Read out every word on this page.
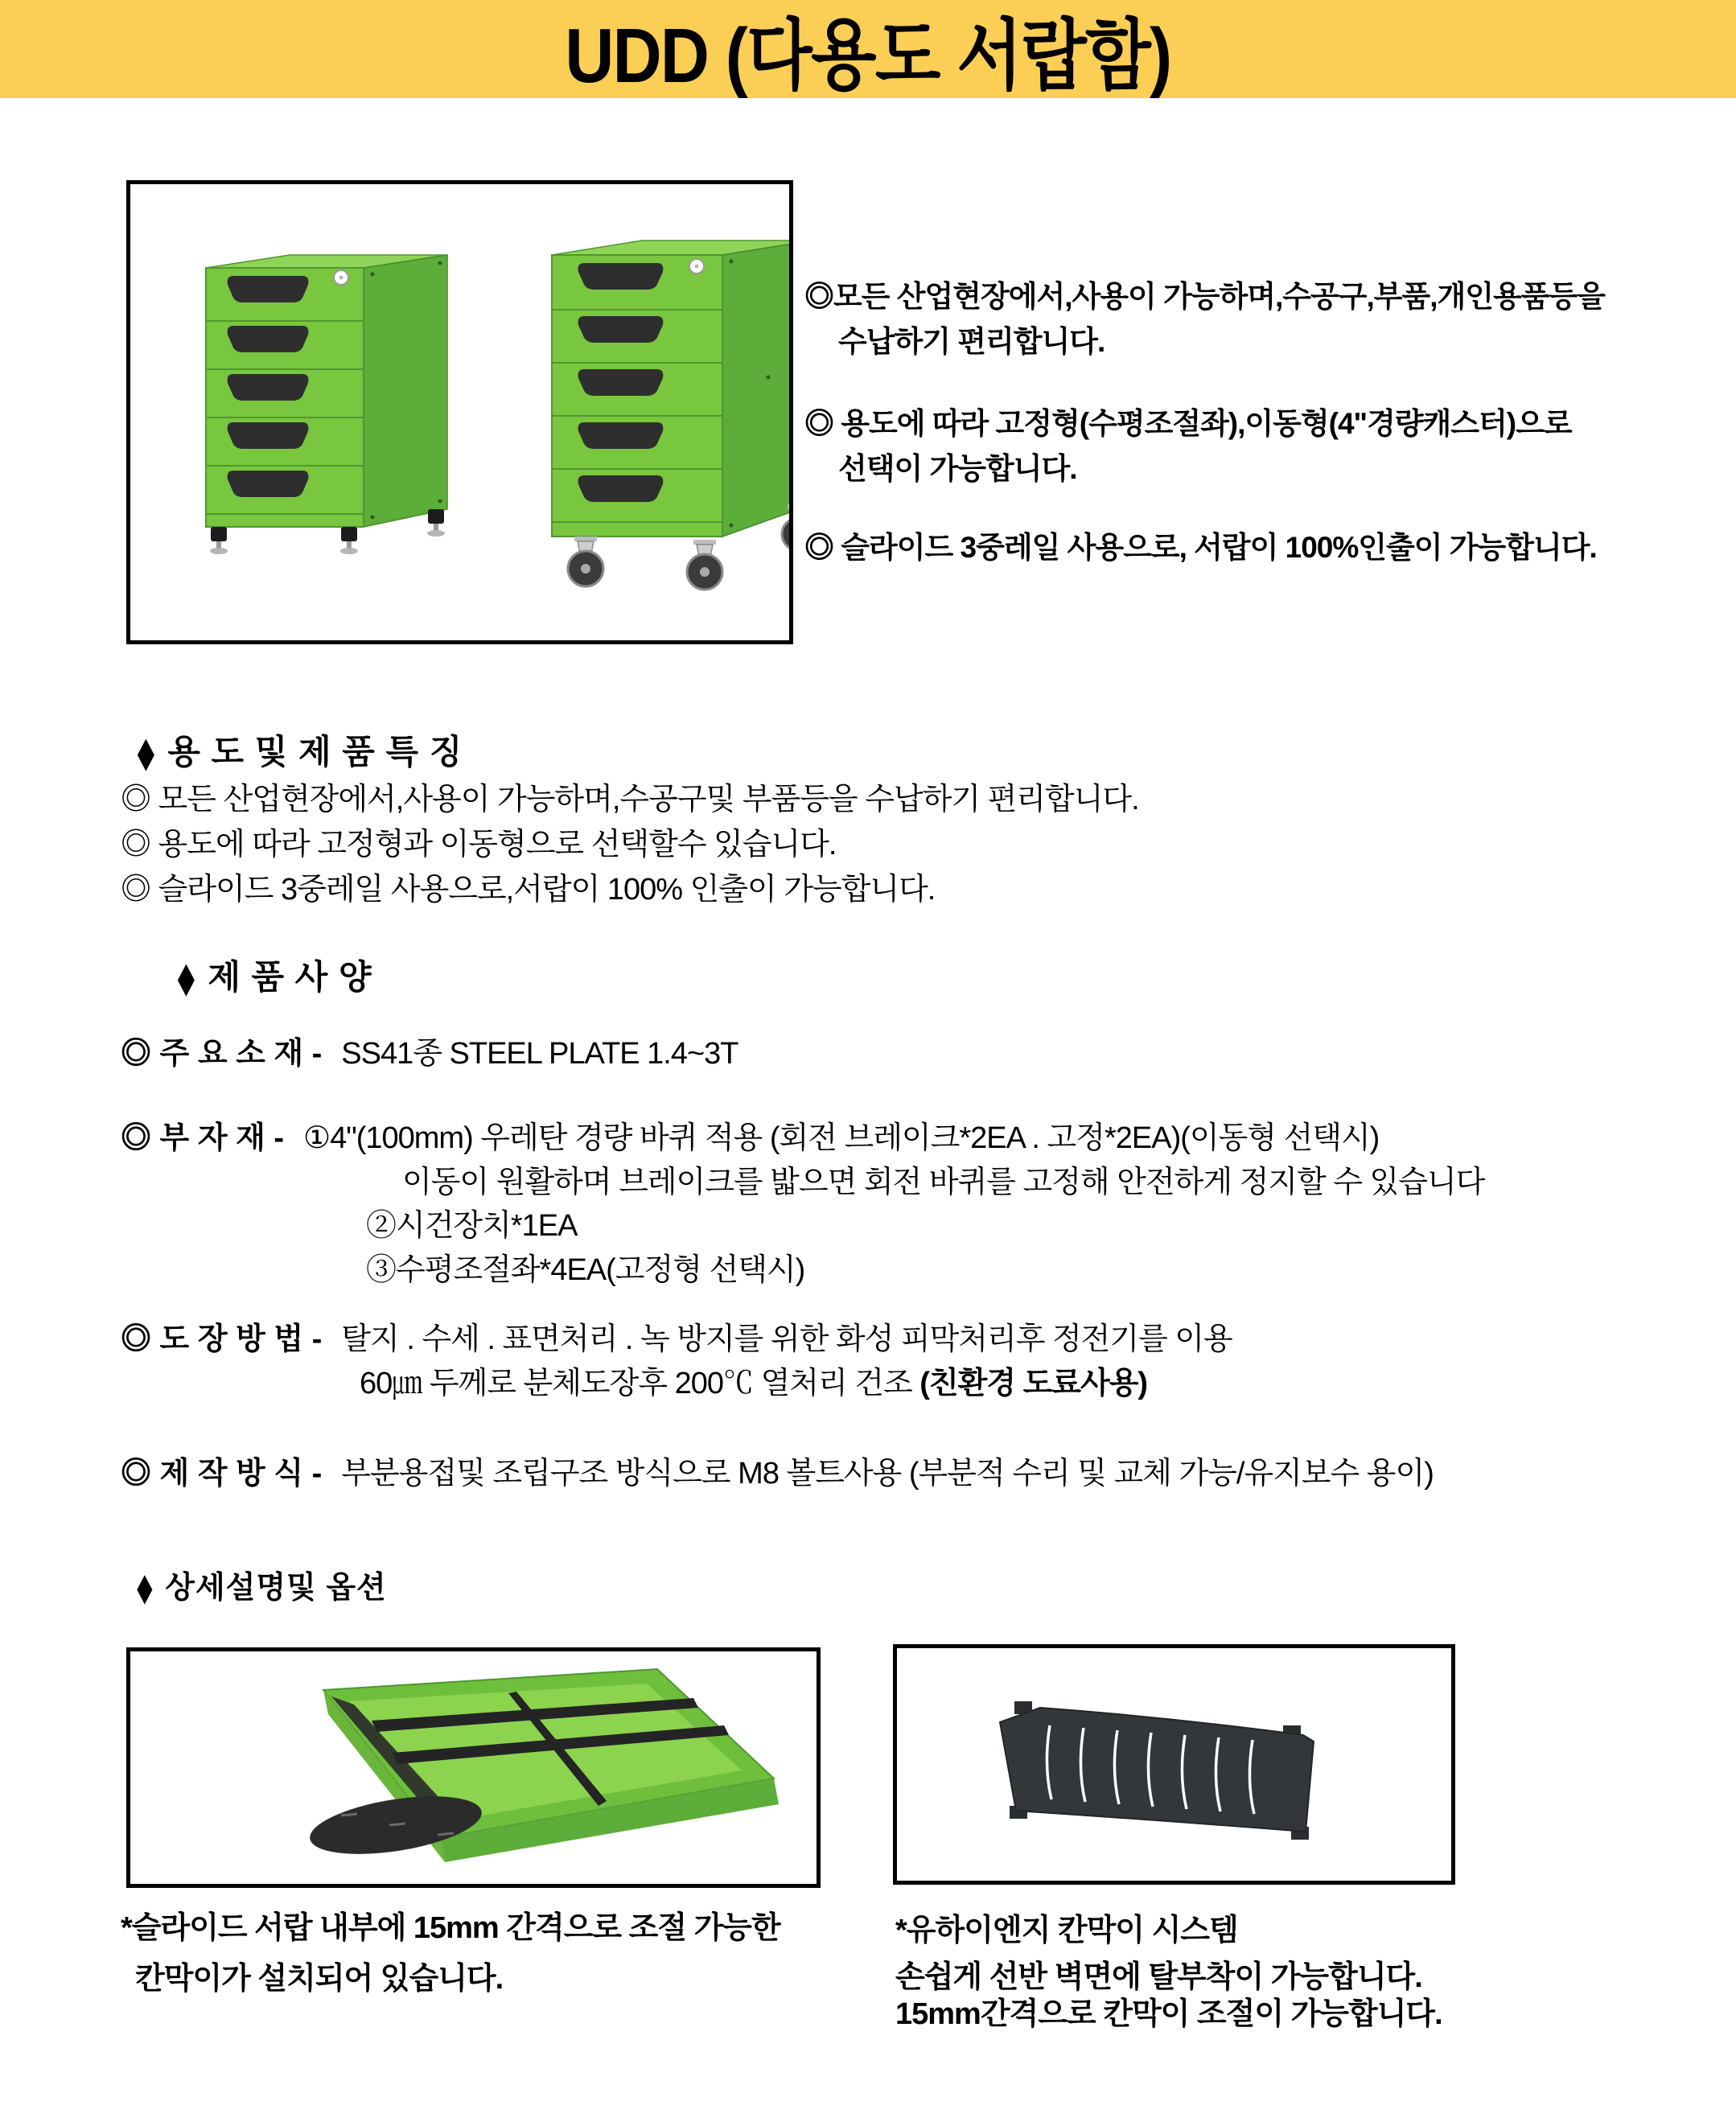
UDD (다용도 서랍함)
◎모든 산업현장에서,사용이 가능하며,수공구,부품,개인용품등을
수납하기 편리합니다.
◎ 용도에 따라 고정형(수평조절좌),이동형(4"경량캐스터)으로
선택이 가능합니다.
◎ 슬라이드 3중레일 사용으로, 서랍이 100%인출이 가능합니다.
◆ 용 도 및 제 품 특 징
◎ 모든 산업현장에서,사용이 가능하며,수공구및 부품등을 수납하기 편리합니다.
◎ 용도에 따라 고정형과 이동형으로 선택할수 있습니다.
◎ 슬라이드 3중레일 사용으로,서랍이 100% 인출이 가능합니다.
◆ 제 품 사 양
◎ 주 요 소 재 - SS41종 STEEL PLATE 1.4~3T
◎ 부 자 재 - ①4"(100mm) 우레탄 경량 바퀴 적용 (회전 브레이크*2EA . 고정*2EA)(이동형 선택시)
이동이 원활하며 브레이크를 밟으면 회전 바퀴를 고정해 안전하게 정지할 수 있습니다
②시건장치*1EA
③수평조절좌*4EA(고정형 선택시)
◎ 도 장 방 법 - 탈지 . 수세 . 표면처리 . 녹 방지를 위한 화성 피막처리후 정전기를 이용
60㎛ 두께로 분체도장후 200℃ 열처리 건조 (친환경 도료사용)
◎ 제 작 방 식 - 부분용접및 조립구조 방식으로 M8 볼트사용 (부분적 수리 및 교체 가능/유지보수 용이)
◆ 상세설명및 옵션
*슬라이드 서랍 내부에 15mm 간격으로 조절 가능한
칸막이가 설치되어 있습니다.
*유하이엔지 칸막이 시스템
손쉽게 선반 벽면에 탈부착이 가능합니다.
15mm간격으로 칸막이 조절이 가능합니다.
